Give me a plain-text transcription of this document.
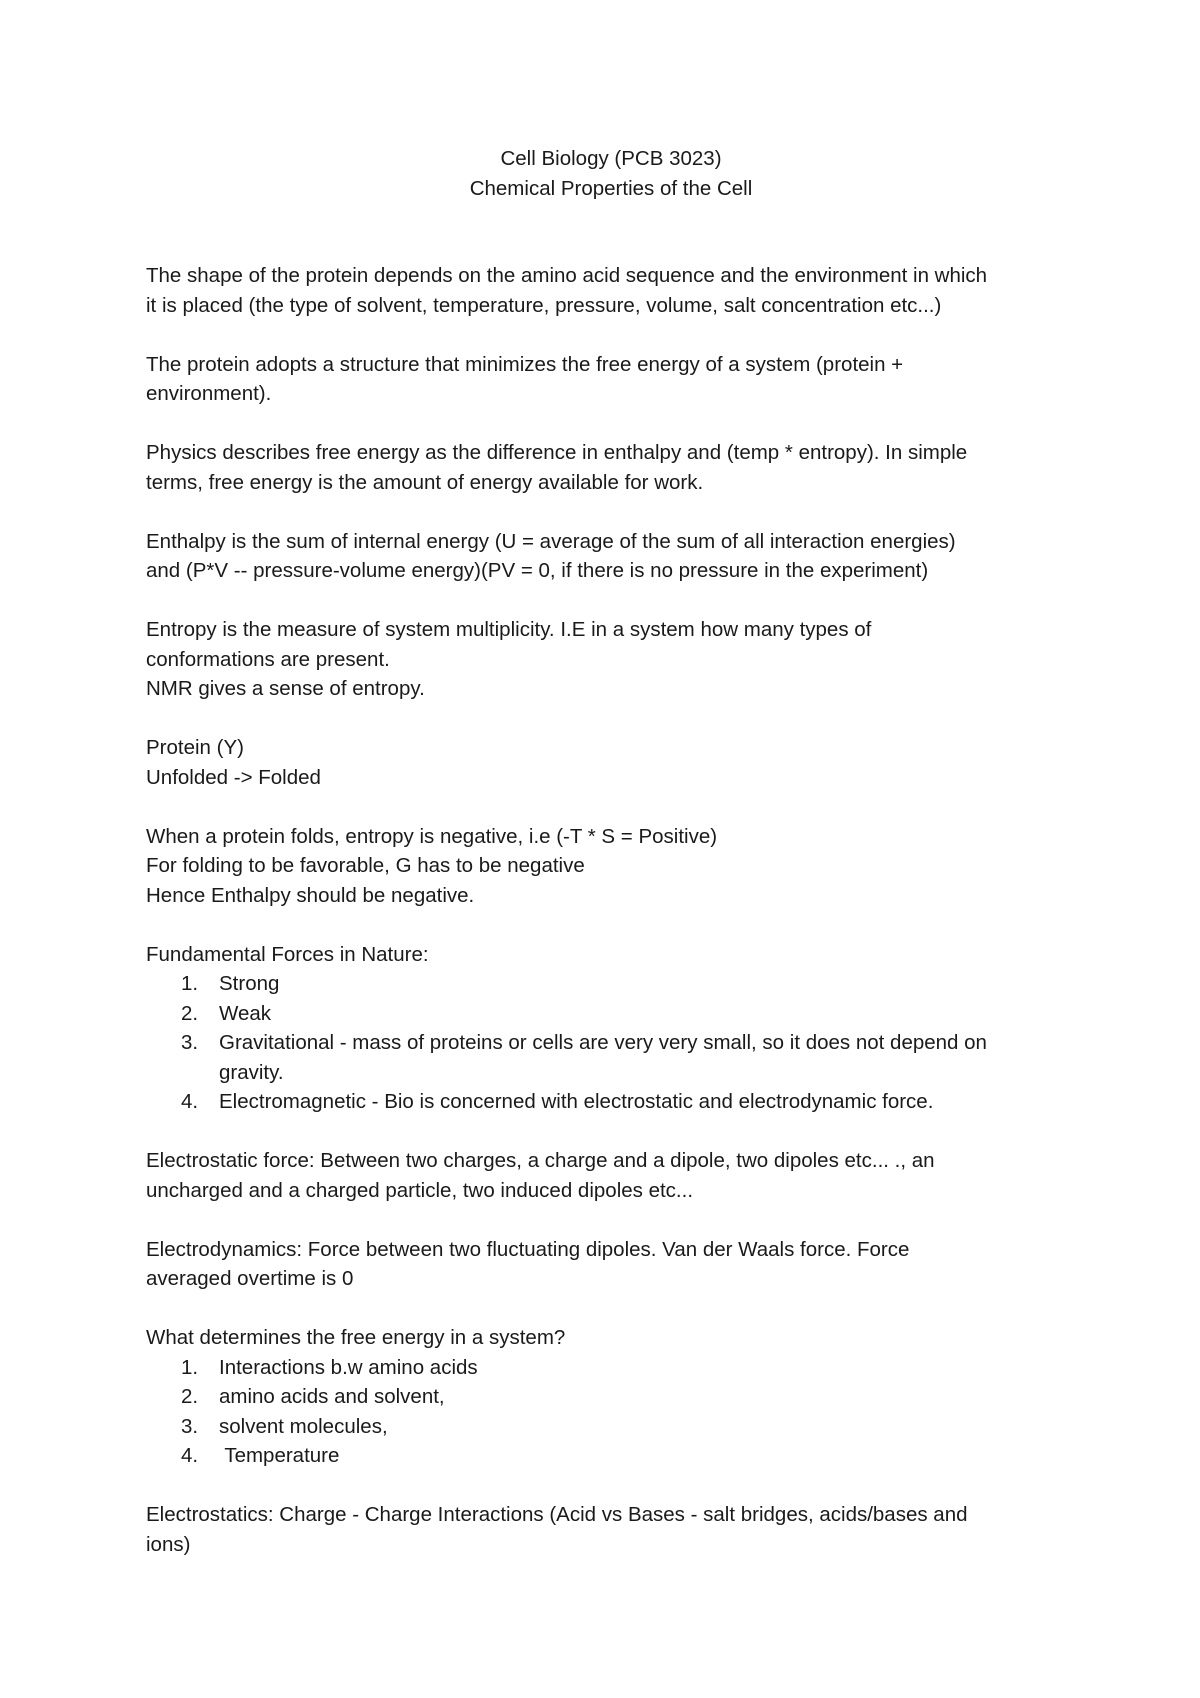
Cell Biology (PCB 3023)
Chemical Properties of the Cell
The shape of the protein depends on the amino acid sequence and the environment in which
it is placed (the type of solvent, temperature, pressure, volume, salt concentration etc...)
The protein adopts a structure that minimizes the free energy of a system (protein +
environment).
Physics describes free energy as the difference in enthalpy and (temp * entropy). In simple
terms, free energy is the amount of energy available for work.
Enthalpy is the sum of internal energy (U = average of the sum of all interaction energies)
and (P*V -- pressure-volume energy)(PV = 0, if there is no pressure in the experiment)
Entropy is the measure of system multiplicity. I.E in a system how many types of
conformations are present.
NMR gives a sense of entropy.
Protein (Y)
Unfolded -> Folded
When a protein folds, entropy is negative, i.e (-T * S = Positive)
For folding to be favorable, G has to be negative
Hence Enthalpy should be negative.
Fundamental Forces in Nature:
1.	Strong
2.	Weak
3.	Gravitational - mass of proteins or cells are very very small, so it does not depend on
gravity.
4.	Electromagnetic - Bio is concerned with electrostatic and electrodynamic force.
Electrostatic force: Between two charges, a charge and a dipole, two dipoles etc... ., an
uncharged and a charged particle, two induced dipoles etc...
Electrodynamics: Force between two fluctuating dipoles. Van der Waals force. Force
averaged overtime is 0
What determines the free energy in a system?
1.	Interactions b.w amino acids
2.	amino acids and solvent,
3.	solvent molecules,
4.	Temperature
Electrostatics: Charge - Charge Interactions (Acid vs Bases - salt bridges, acids/bases and
ions)
